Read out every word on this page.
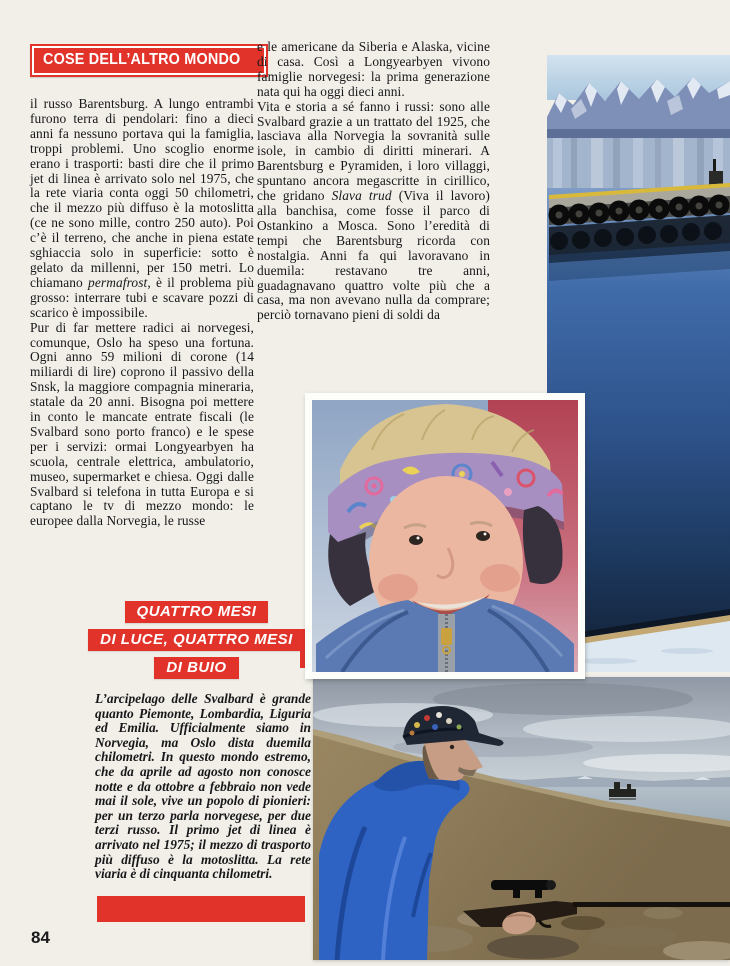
COSE DELL’ALTRO MONDO

il russo Barentsburg. A lungo entrambi furono terra di pendolari: fino a dieci anni fa nessuno portava qui la famiglia, troppi problemi. Uno scoglio enorme erano i trasporti: basti dire che il primo jet di linea è arrivato solo nel 1975, che la rete viaria conta oggi 50 chilometri, che il mezzo più diffuso è la motoslitta (ce ne sono mille, contro 250 auto). Poi c’è il terreno, che anche in piena estate sghiaccia solo in superficie: sotto è gelato da millenni, per 150 metri. Lo chiamano permafrost, è il problema più grosso: interrare tubi e scavare pozzi di scarico è impossibile.

Pur di far mettere radici ai norvegesi, comunque, Oslo ha speso una fortuna. Ogni anno 59 milioni di corone (14 miliardi di lire) coprono il passivo della Snsk, la maggiore compagnia mineraria, statale da 20 anni. Bisogna poi mettere in conto le mancate entrate fiscali (le Svalbard sono porto franco) e le spese per i servizi: ormai Longyearbyen ha scuola, centrale elettrica, ambulatorio, museo, supermarket e chiesa. Oggi dalle Svalbard si telefona in tutta Europa e si captano le tv di mezzo mondo: le europee dalla Norvegia, le russe

e le americane da Siberia e Alaska, vicine di casa. Così a Longyearbyen vivono famiglie norvegesi: la prima generazione nata qui ha oggi dieci anni.

Vita e storia a sé fanno i russi: sono alle Svalbard grazie a un trattato del 1925, che lasciava alla Norvegia la sovranità sulle isole, in cambio di diritti minerari. A Barentsburg e Pyramiden, i loro villaggi, spuntano ancora megascritte in cirillico, che gridano Slava trud (Viva il lavoro) alla banchisa, come fosse il parco di Ostankino a Mosca. Sono l’eredità di tempi che Barentsburg ricorda con nostalgia. Anni fa qui lavoravano in duemila: restavano tre anni, guadagnavano quattro volte più che a casa, ma non avevano nulla da comprare; perciò tornavano pieni di soldi da

QUATTRO MESI
DI LUCE, QUATTRO MESI
DI BUIO

L’arcipelago delle Svalbard è grande quanto Piemonte, Lombardia, Liguria ed Emilia. Ufficialmente siamo in Norvegia, ma Oslo dista duemila chilometri. In questo mondo estremo, che da aprile ad agosto non conosce notte e da ottobre a febbraio non vede mai il sole, vive un popolo di pionieri: per un terzo parla norvegese, per due terzi russo. Il primo jet di linea è arrivato nel 1975; il mezzo di trasporto più diffuso è la motoslitta. La rete viaria è di cinquanta chilometri.

84
